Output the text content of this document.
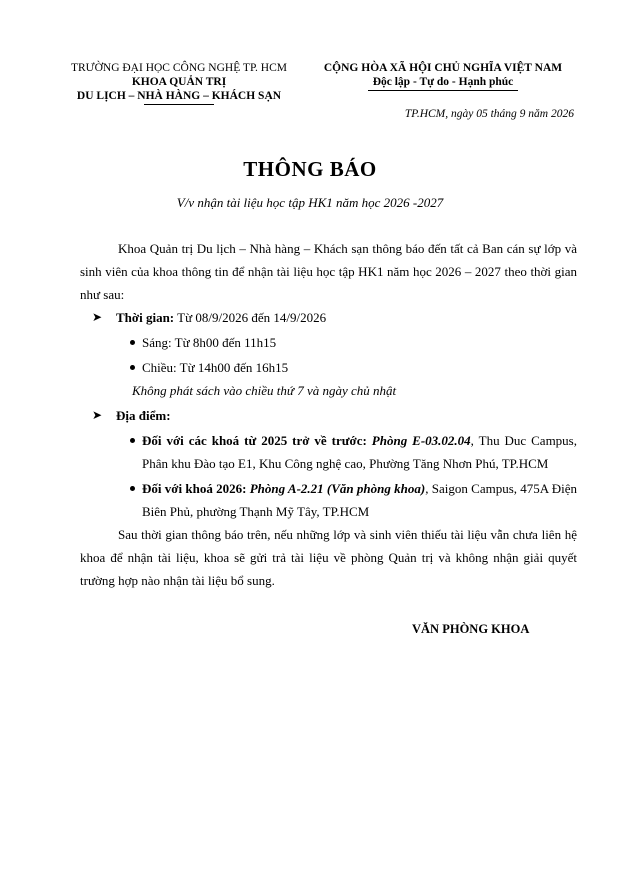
TRƯỜNG ĐẠI HỌC CÔNG NGHỆ TP. HCM
KHOA QUẢN TRỊ
DU LỊCH – NHÀ HÀNG – KHÁCH SẠN
CỘNG HÒA XÃ HỘI CHỦ NGHĨA VIỆT NAM
Độc lập - Tự do - Hạnh phúc
TP.HCM, ngày 05 tháng 9 năm 2026
THÔNG BÁO
V/v nhận tài liệu học tập HK1 năm học 2026 -2027

Khoa Quản trị Du lịch – Nhà hàng – Khách sạn thông báo đến tất cả Ban cán sự lớp và sinh viên của khoa thông tin để nhận tài liệu học tập HK1 năm học 2026 – 2027 theo thời gian như sau:

➤ Thời gian: Từ 08/9/2026 đến 14/9/2026

Sáng: Từ 8h00 đến 11h15

Chiều: Từ 14h00 đến 16h15

Không phát sách vào chiều thứ 7 và ngày chủ nhật

➤ Địa điểm:

Đối với các khoá từ 2025 trở về trước: Phòng E-03.02.04, Thu Duc Campus, Phân khu Đào tạo E1, Khu Công nghệ cao, Phường Tăng Nhơn Phú, TP.HCM

Đối với khoá 2026: Phòng A-2.21 (Văn phòng khoa), Saigon Campus, 475A Điện Biên Phủ, phường Thạnh Mỹ Tây, TP.HCM

Sau thời gian thông báo trên, nếu những lớp và sinh viên thiếu tài liệu vẫn chưa liên hệ khoa để nhận tài liệu, khoa sẽ gửi trả tài liệu về phòng Quản trị và không nhận giải quyết trường hợp nào nhận tài liệu bổ sung.

VĂN PHÒNG KHOA
